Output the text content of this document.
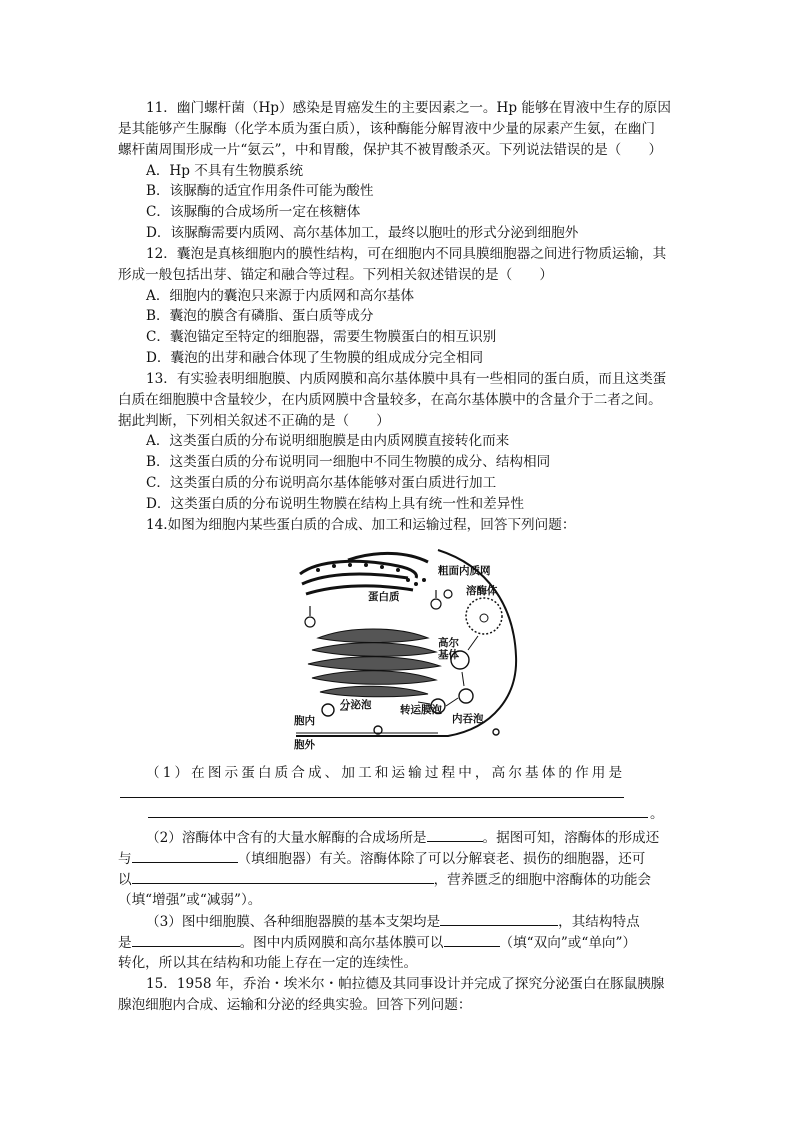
11．幽门螺杆菌（Hp）感染是胃癌发生的主要因素之一。Hp 能够在胃液中生存的原因
是其能够产生脲酶（化学本质为蛋白质），该种酶能分解胃液中少量的尿素产生氨，在幽门
螺杆菌周围形成一片“氨云”，中和胃酸，保护其不被胃酸杀灭。下列说法错误的是（　　）
A．Hp 不具有生物膜系统
B．该脲酶的适宜作用条件可能为酸性
C．该脲酶的合成场所一定在核糖体
D．该脲酶需要内质网、高尔基体加工，最终以胞吐的形式分泌到细胞外
12．囊泡是真核细胞内的膜性结构，可在细胞内不同具膜细胞器之间进行物质运输，其
形成一般包括出芽、锚定和融合等过程。下列相关叙述错误的是（　　）
A．细胞内的囊泡只来源于内质网和高尔基体
B．囊泡的膜含有磷脂、蛋白质等成分
C．囊泡锚定至特定的细胞器，需要生物膜蛋白的相互识别
D．囊泡的出芽和融合体现了生物膜的组成成分完全相同
13．有实验表明细胞膜、内质网膜和高尔基体膜中具有一些相同的蛋白质，而且这类蛋
白质在细胞膜中含量较少，在内质网膜中含量较多，在高尔基体膜中的含量介于二者之间。
据此判断，下列相关叙述不正确的是（　　）
A．这类蛋白质的分布说明细胞膜是由内质网膜直接转化而来
B．这类蛋白质的分布说明同一细胞中不同生物膜的成分、结构相同
C．这类蛋白质的分布说明高尔基体能够对蛋白质进行加工
D．这类蛋白质的分布说明生物膜在结构上具有统一性和差异性
14.如图为细胞内某些蛋白质的合成、加工和运输过程，回答下列问题：
粗面内质网
蛋白质	溶酶体
高尔
基体
分泌泡	转运膜泡
内吞泡
胞内
胞外
（1）在图示蛋白质合成、加工和运输过程中，高尔基体的作用是
。
（2）溶酶体中含有的大量水解酶的合成场所是	。据图可知，溶酶体的形成还
与	（填细胞器）有关。溶酶体除了可以分解衰老、损伤的细胞器，还可
以	，营养匮乏的细胞中溶酶体的功能会
（填“增强”或“减弱”）。
（3）图中细胞膜、各种细胞器膜的基本支架均是	，其结构特点
是	。图中内质网膜和高尔基体膜可以	（填“双向”或“单向”）
转化，所以其在结构和功能上存在一定的连续性。
15．1958 年，乔治・埃米尔・帕拉德及其同事设计并完成了探究分泌蛋白在豚鼠胰腺
腺泡细胞内合成、运输和分泌的经典实验。回答下列问题：
